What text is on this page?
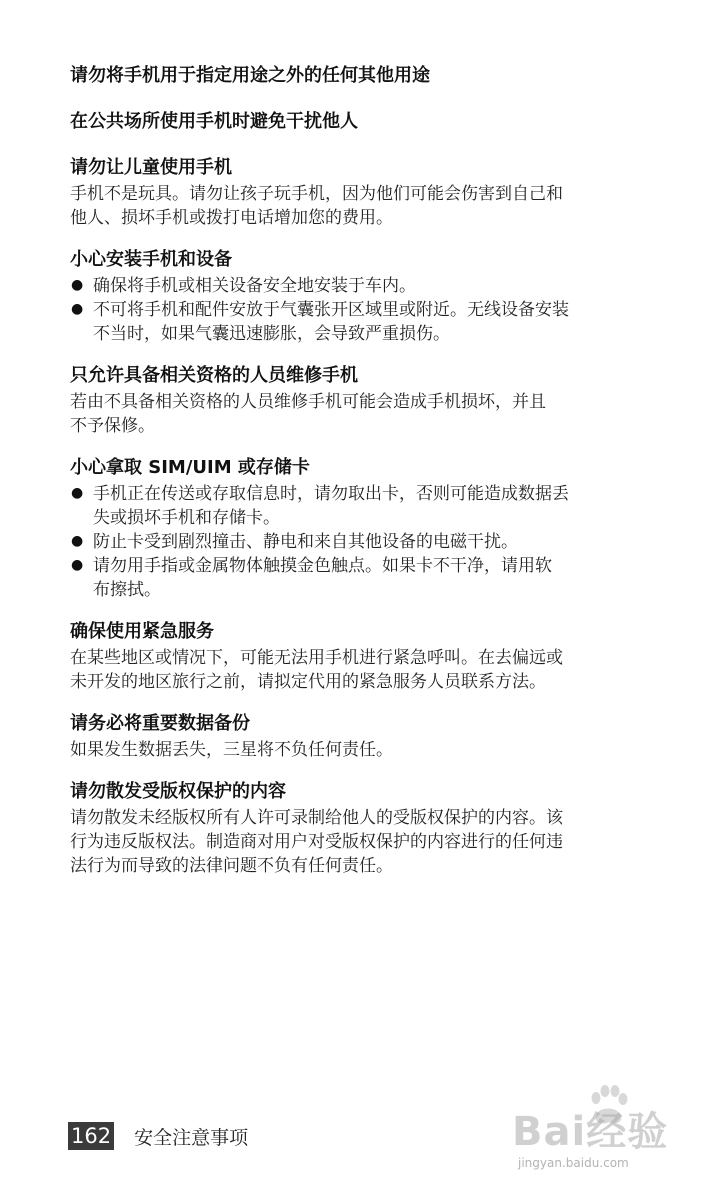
请勿将手机用于指定用途之外的任何其他用途
在公共场所使用手机时避免干扰他人
请勿让儿童使用手机
手机不是玩具。请勿让孩子玩手机，因为他们可能会伤害到自己和
他人、损坏手机或拨打电话增加您的费用。
小心安装手机和设备
● 确保将手机或相关设备安全地安装于车内。
● 不可将手机和配件安放于气囊张开区域里或附近。无线设备安装
不当时，如果气囊迅速膨胀，会导致严重损伤。
只允许具备相关资格的人员维修手机
若由不具备相关资格的人员维修手机可能会造成手机损坏，并且
不予保修。
小心拿取 SIM/UIM 或存储卡
● 手机正在传送或存取信息时，请勿取出卡，否则可能造成数据丢
失或损坏手机和存储卡。
● 防止卡受到剧烈撞击、静电和来自其他设备的电磁干扰。
● 请勿用手指或金属物体触摸金色触点。如果卡不干净，请用软
布擦拭。
确保使用紧急服务
在某些地区或情况下，可能无法用手机进行紧急呼叫。在去偏远或
未开发的地区旅行之前，请拟定代用的紧急服务人员联系方法。
请务必将重要数据备份
如果发生数据丢失，三星将不负任何责任。
请勿散发受版权保护的内容
请勿散发未经版权所有人许可录制给他人的受版权保护的内容。该
行为违反版权法。制造商对用户对受版权保护的内容进行的任何违
法行为而导致的法律问题不负有任何责任。
162 安全注意事项	Bai经验
jingyan.baidu.com
